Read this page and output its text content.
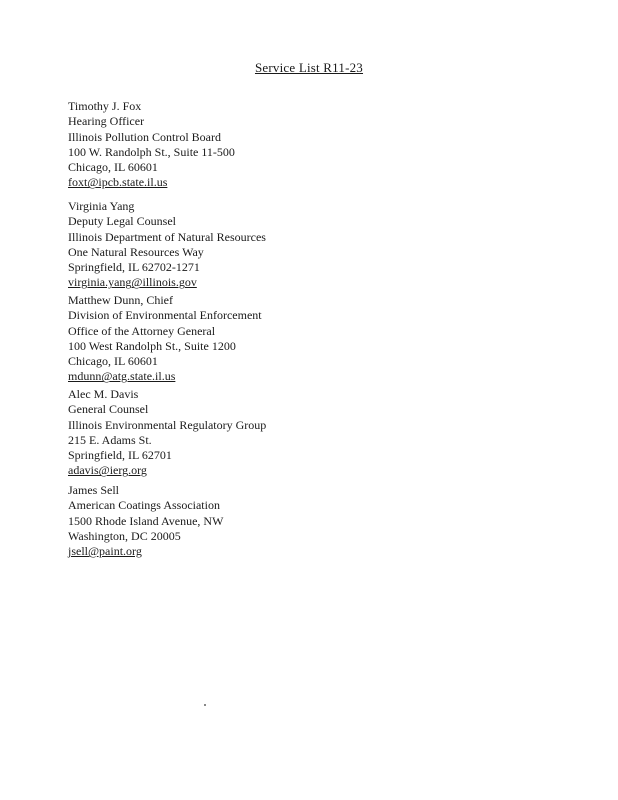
Service List R11-23
Timothy J. Fox
Hearing Officer
Illinois Pollution Control Board
100 W. Randolph St., Suite 11-500
Chicago, IL 60601
foxt@ipcb.state.il.us
Virginia Yang
Deputy Legal Counsel
Illinois Department of Natural Resources
One Natural Resources Way
Springfield, IL 62702-1271
virginia.yang@illinois.gov
Matthew Dunn, Chief
Division of Environmental Enforcement
Office of the Attorney General
100 West Randolph St., Suite 1200
Chicago, IL 60601
mdunn@atg.state.il.us
Alec M. Davis
General Counsel
Illinois Environmental Regulatory Group
215 E. Adams St.
Springfield, IL 62701
adavis@ierg.org
James Sell
American Coatings Association
1500 Rhode Island Avenue, NW
Washington, DC 20005
jsell@paint.org
